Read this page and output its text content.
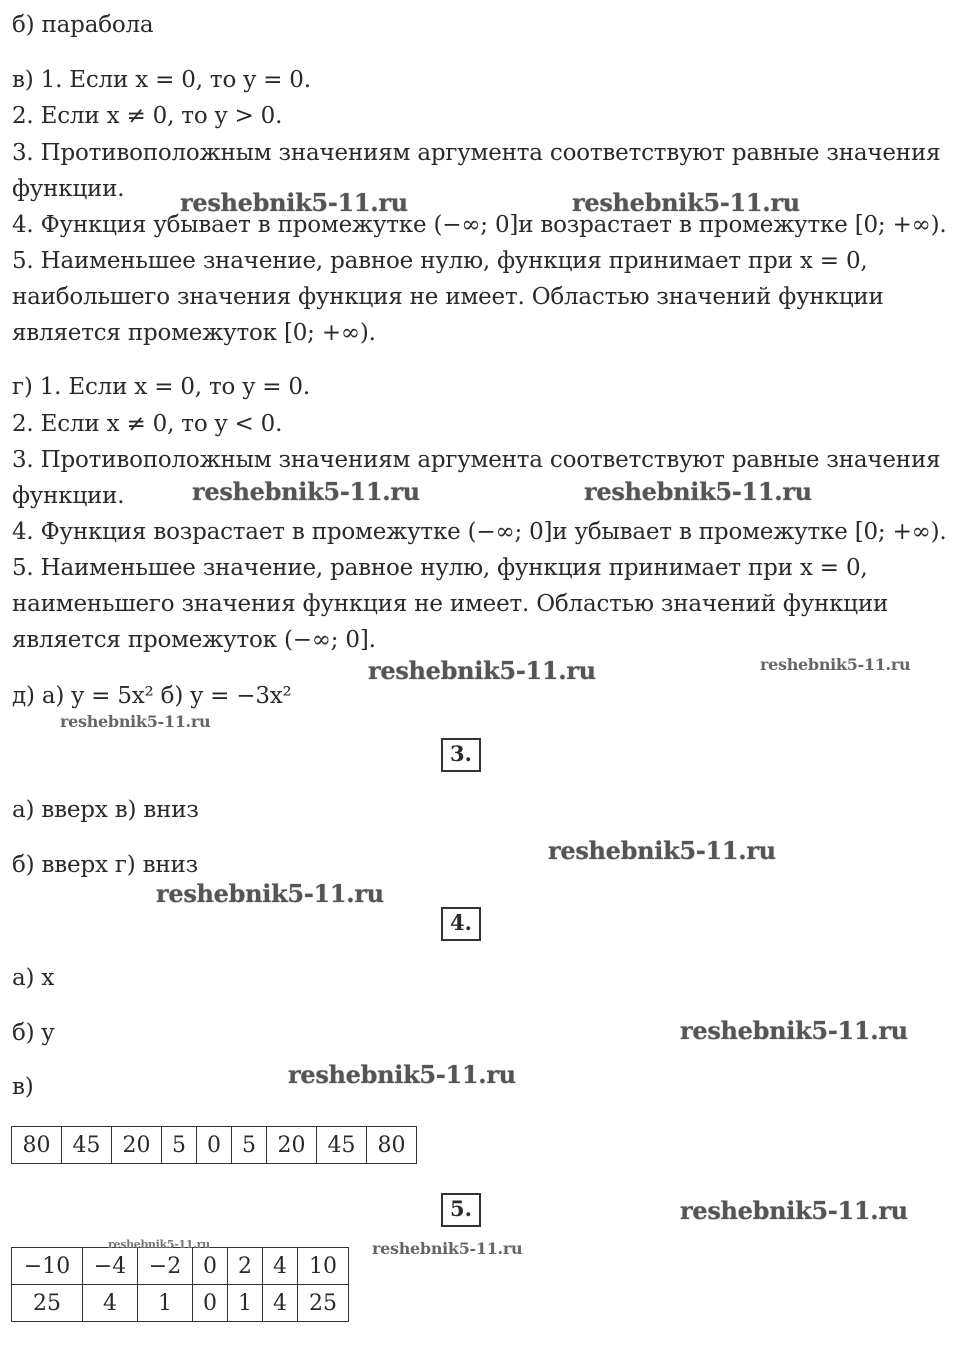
б) парабола
в) 1. Если x = 0, то y = 0.
2. Если x ≠ 0, то y > 0.
3. Противоположным значениям аргумента соответствуют равные значения
функции.
4. Функция убывает в промежутке (−∞; 0]и возрастает в промежутке [0; +∞).
5. Наименьшее значение, равное нулю, функция принимает при x = 0,
наибольшего значения функция не имеет. Областью значений функции
является промежуток [0; +∞).
г) 1. Если x = 0, то y = 0.
2. Если x ≠ 0, то y < 0.
3. Противоположным значениям аргумента соответствуют равные значения
функции.
4. Функция возрастает в промежутке (−∞; 0]и убывает в промежутке [0; +∞).
5. Наименьшее значение, равное нулю, функция принимает при x = 0,
наименьшего значения функция не имеет. Областью значений функции
является промежуток (−∞; 0].
д) а) y = 5x² б) y = −3x²
3.
а) вверх в) вниз
б) вверх г) вниз
4.
а) x
б) y
в)
80	45	20	5	0	5	20	45	80
5.
−10	−4	−2	0	2	4	10
25	4	1	0	1	4	25
reshebnik5-11.ru	reshebnik5-11.ru
reshebnik5-11.ru	reshebnik5-11.ru
reshebnik5-11.ru	reshebnik5-11.ru
reshebnik5-11.ru
reshebnik5-11.ru
reshebnik5-11.ru
reshebnik5-11.ru
reshebnik5-11.ru
reshebnik5-11.ru
reshebnik5-11.ru
reshebnik5-11.ru
